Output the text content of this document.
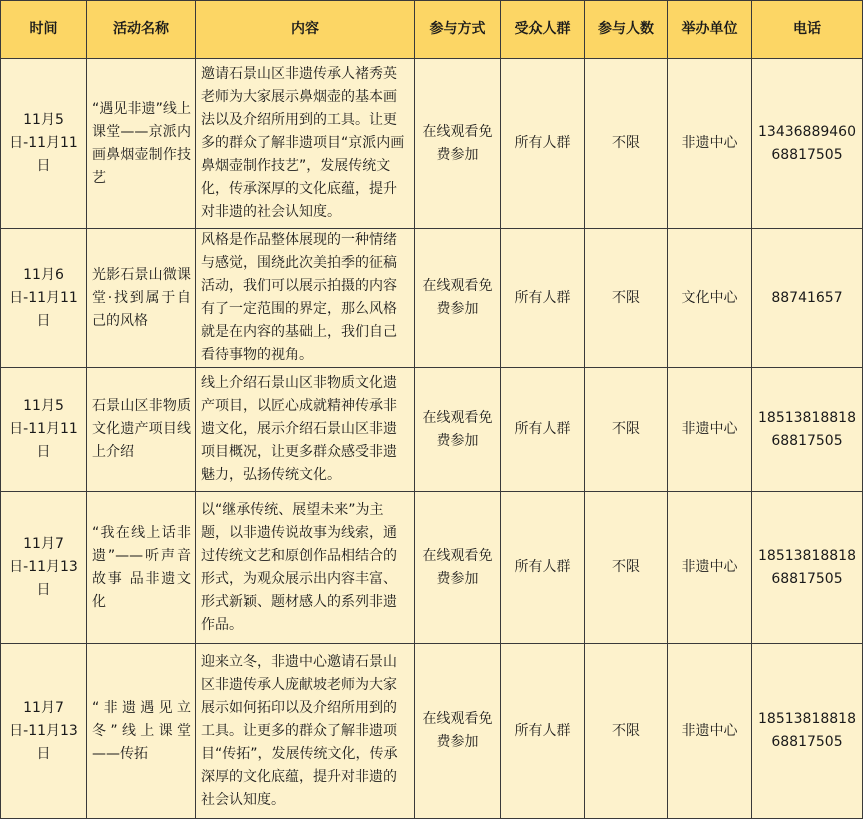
时间	活动名称	内容	参与方式	受众人群	参与人数	举办单位	电话
11月5日-11月11日	“遇见非遗”线上课堂——京派内画鼻烟壶制作技艺	邀请石景山区非遗传承人褚秀英老师为大家展示鼻烟壶的基本画法以及介绍所用到的工具。让更多的群众了解非遗项目“京派内画鼻烟壶制作技艺”，发展传统文化，传承深厚的文化底蕴，提升对非遗的社会认知度。	在线观看免费参加	所有人群	不限	非遗中心	13436889460 68817505
11月6日-11月11日	光影石景山微课堂·找到属于自己的风格	风格是作品整体展现的一种情绪与感觉，围绕此次美拍季的征稿活动，我们可以展示拍摄的内容有了一定范围的界定，那么风格就是在内容的基础上，我们自己看待事物的视角。	在线观看免费参加	所有人群	不限	文化中心	88741657
11月5日-11月11日	石景山区非物质文化遗产项目线上介绍	线上介绍石景山区非物质文化遗产项目，以匠心成就精神传承非遗文化，展示介绍石景山区非遗项目概况，让更多群众感受非遗魅力，弘扬传统文化。	在线观看免费参加	所有人群	不限	非遗中心	18513818818 68817505
11月7日-11月13日	“我在线上话非遗”——听声音故事 品非遗文化	以“继承传统、展望未来”为主题，以非遗传说故事为线索，通过传统文艺和原创作品相结合的形式，为观众展示出内容丰富、形式新颖、题材感人的系列非遗作品。	在线观看免费参加	所有人群	不限	非遗中心	18513818818 68817505
11月7日-11月13日	“非遗遇见立冬”线上课堂——传拓	迎来立冬，非遗中心邀请石景山区非遗传承人庞献坡老师为大家展示如何拓印以及介绍所用到的工具。让更多的群众了解非遗项目“传拓”，发展传统文化，传承深厚的文化底蕴，提升对非遗的社会认知度。	在线观看免费参加	所有人群	不限	非遗中心	18513818818 68817505
